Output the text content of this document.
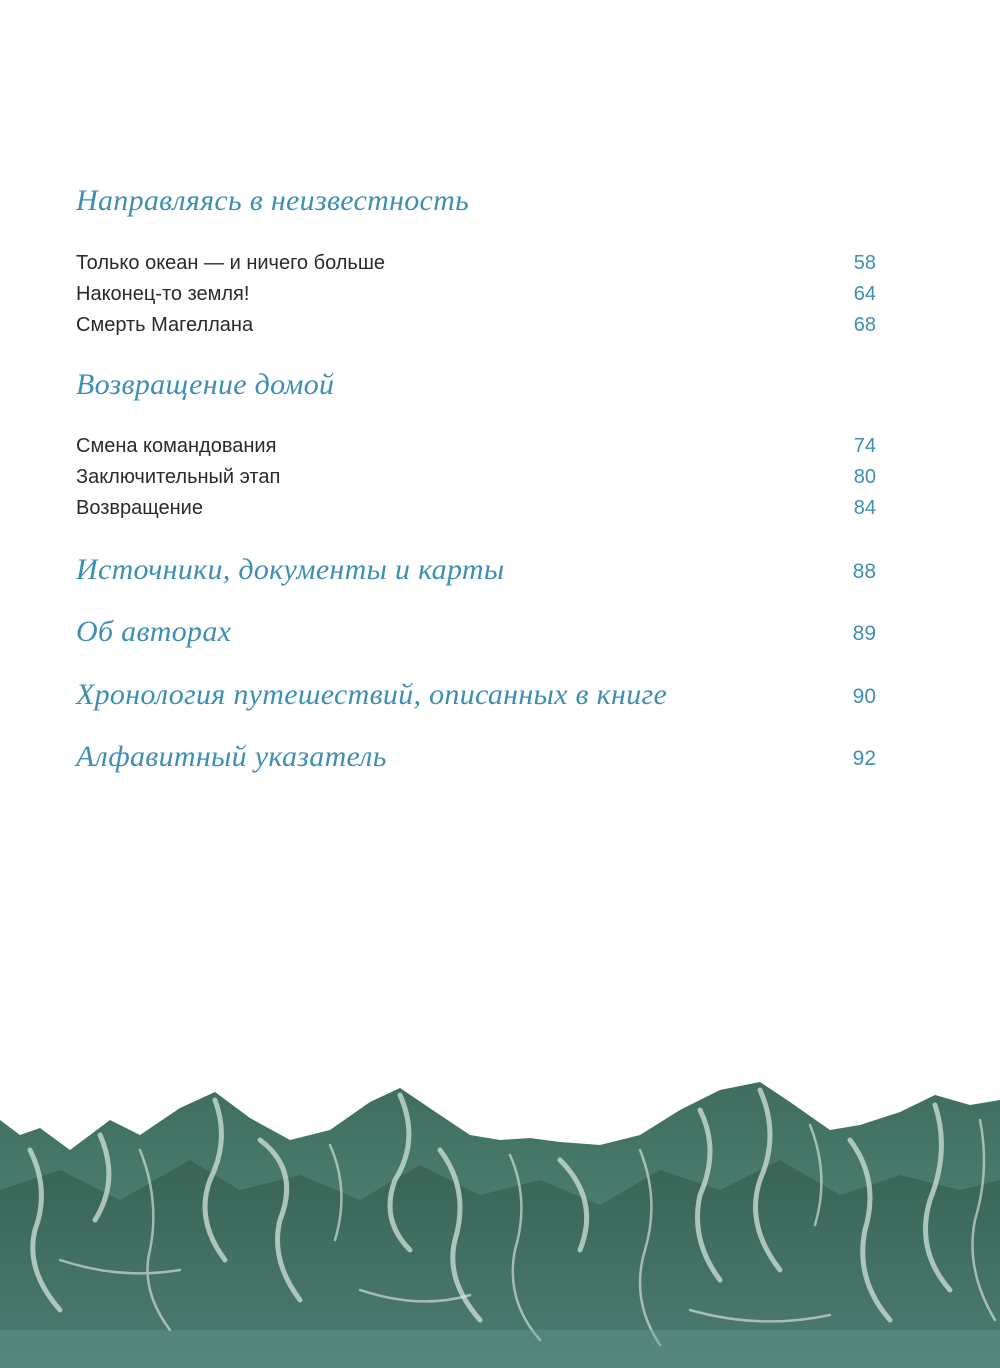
Направляясь в неизвестность
Только океан — и ничего больше	58
Наконец-то земля!	64
Смерть Магеллана	68
Возвращение домой
Смена командования	74
Заключительный этап	80
Возвращение	84
Источники, документы и карты	88
Об авторах	89
Хронология путешествий, описанных в книге	90
Алфавитный указатель	92
